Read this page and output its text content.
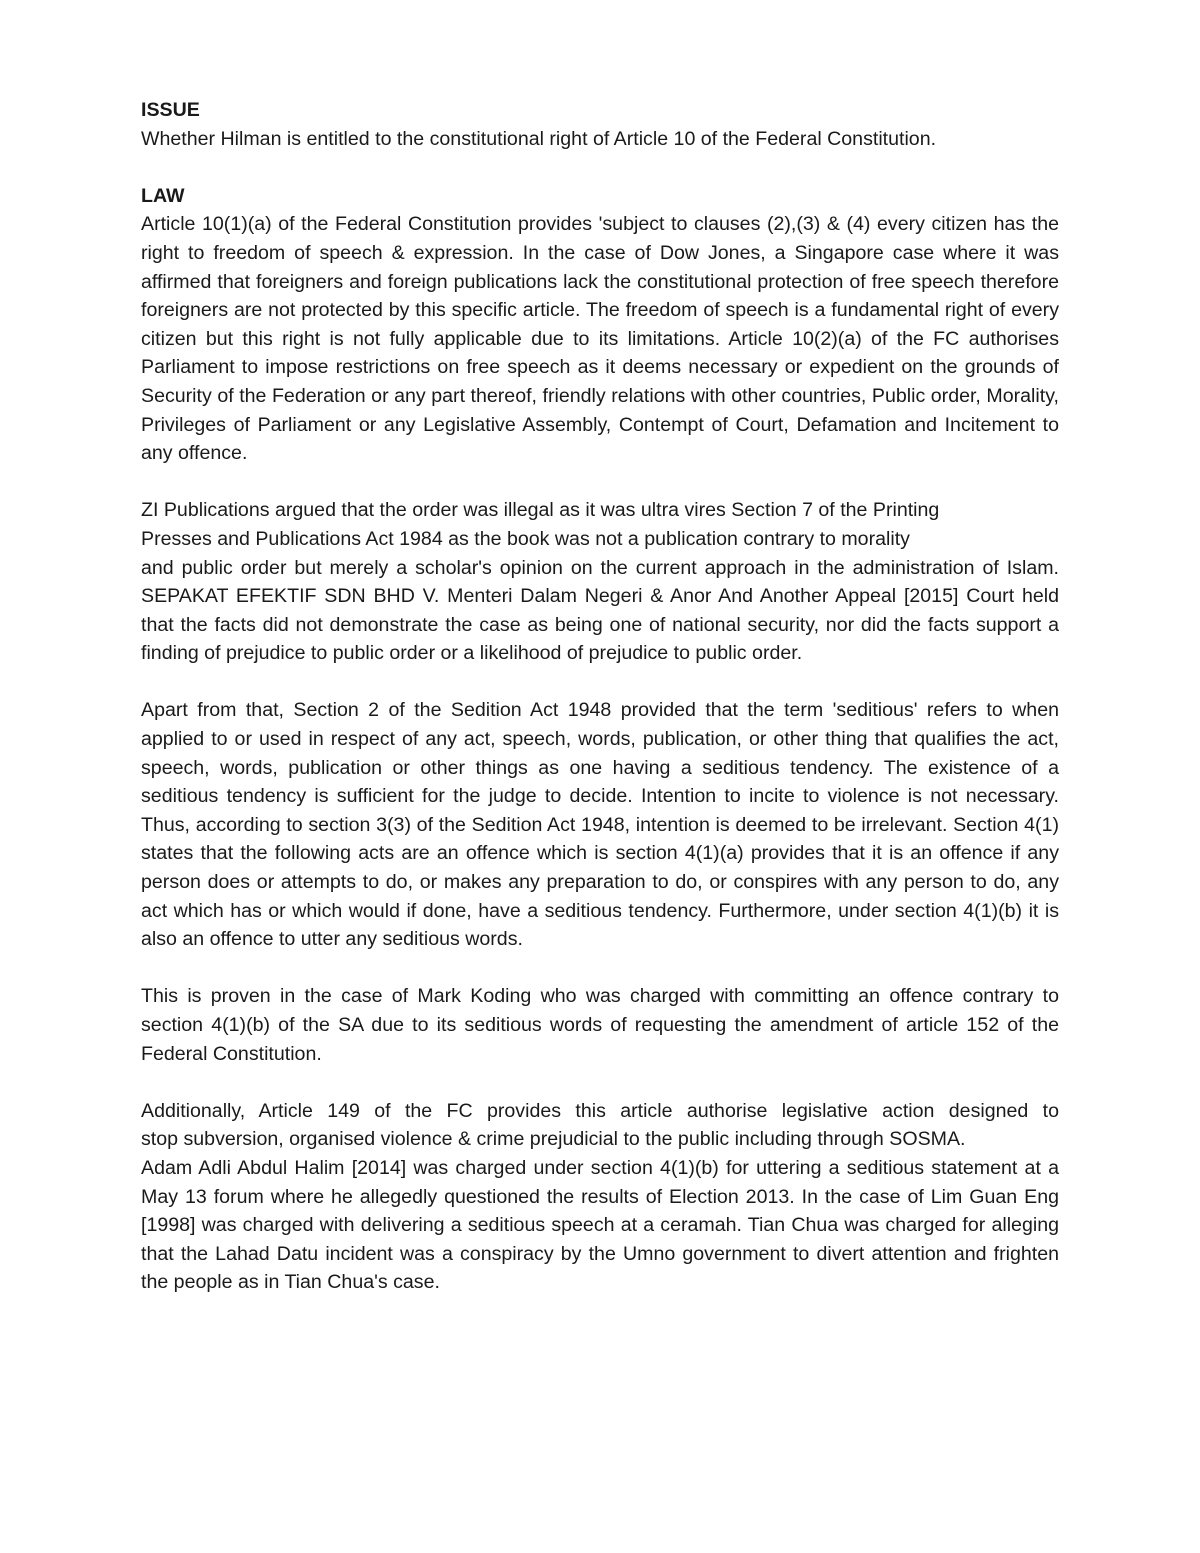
ISSUE

Whether Hilman is entitled to the constitutional right of Article 10 of the Federal Constitution.

LAW

Article 10(1)(a) of the Federal Constitution provides 'subject to clauses (2),(3) & (4) every citizen has the right to freedom of speech & expression. In the case of Dow Jones, a Singapore case where it was affirmed that foreigners and foreign publications lack the constitutional protection of free speech therefore foreigners are not protected by this specific article. The freedom of speech is a fundamental right of every citizen but this right is not fully applicable due to its limitations. Article 10(2)(a) of the FC authorises Parliament to impose restrictions on free speech as it deems necessary or expedient on the grounds of Security of the Federation or any part thereof, friendly relations with other countries, Public order, Morality, Privileges of Parliament or any Legislative Assembly, Contempt of Court, Defamation and Incitement to any offence.

ZI Publications argued that the order was illegal as it was ultra vires Section 7 of the Printing
Presses and Publications Act 1984 as the book was not a publication contrary to morality
and public order but merely a scholar's opinion on the current approach in the administration of Islam. SEPAKAT EFEKTIF SDN BHD V. Menteri Dalam Negeri & Anor And Another Appeal [2015] Court held that the facts did not demonstrate the case as being one of national security, nor did the facts support a finding of prejudice to public order or a likelihood of prejudice to public order.

Apart from that, Section 2 of the Sedition Act 1948 provided that the term 'seditious' refers to when applied to or used in respect of any act, speech, words, publication, or other thing that qualifies the act, speech, words, publication or other things as one having a seditious tendency. The existence of a seditious tendency is sufficient for the judge to decide. Intention to incite to violence is not necessary. Thus, according to section 3(3) of the Sedition Act 1948, intention is deemed to be irrelevant. Section 4(1) states that the following acts are an offence which is section 4(1)(a) provides that it is an offence if any person does or attempts to do, or makes any preparation to do, or conspires with any person to do, any act which has or which would if done, have a seditious tendency. Furthermore, under section 4(1)(b) it is also an offence to utter any seditious words.

This is proven in the case of Mark Koding who was charged with committing an offence contrary to section 4(1)(b) of the SA due to its seditious words of requesting the amendment of article 152 of the Federal Constitution.

Additionally, Article 149 of the FC provides this article authorise legislative action designed to
stop subversion, organised violence & crime prejudicial to the public including through SOSMA.
Adam Adli Abdul Halim [2014] was charged under section 4(1)(b) for uttering a seditious statement at a May 13 forum where he allegedly questioned the results of Election 2013. In the case of Lim Guan Eng [1998] was charged with delivering a seditious speech at a ceramah. Tian Chua was charged for alleging that the Lahad Datu incident was a conspiracy by the Umno government to divert attention and frighten the people as in Tian Chua's case.
